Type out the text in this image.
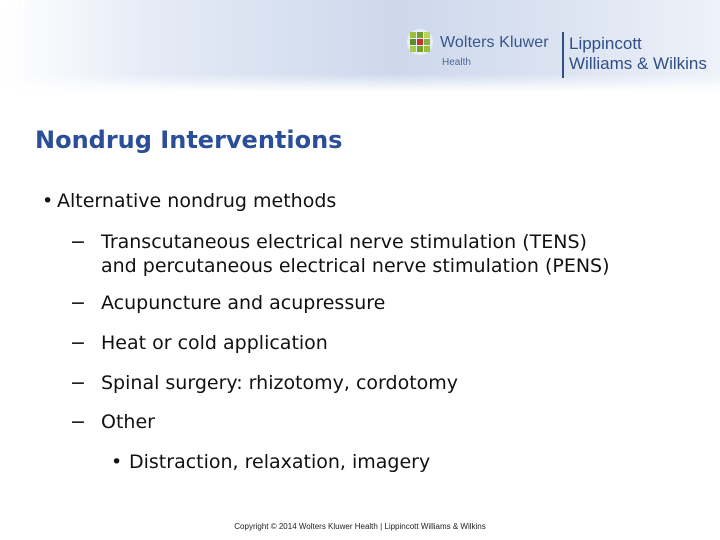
Wolters Kluwer
Health
Lippincott
Williams & Wilkins
Nondrug Interventions
• Alternative nondrug methods
− Transcutaneous electrical nerve stimulation (TENS)
and percutaneous electrical nerve stimulation (PENS)
− Acupuncture and acupressure
− Heat or cold application
− Spinal surgery: rhizotomy, cordotomy
− Other
• Distraction, relaxation, imagery
Copyright © 2014 Wolters Kluwer Health | Lippincott Williams & Wilkins
